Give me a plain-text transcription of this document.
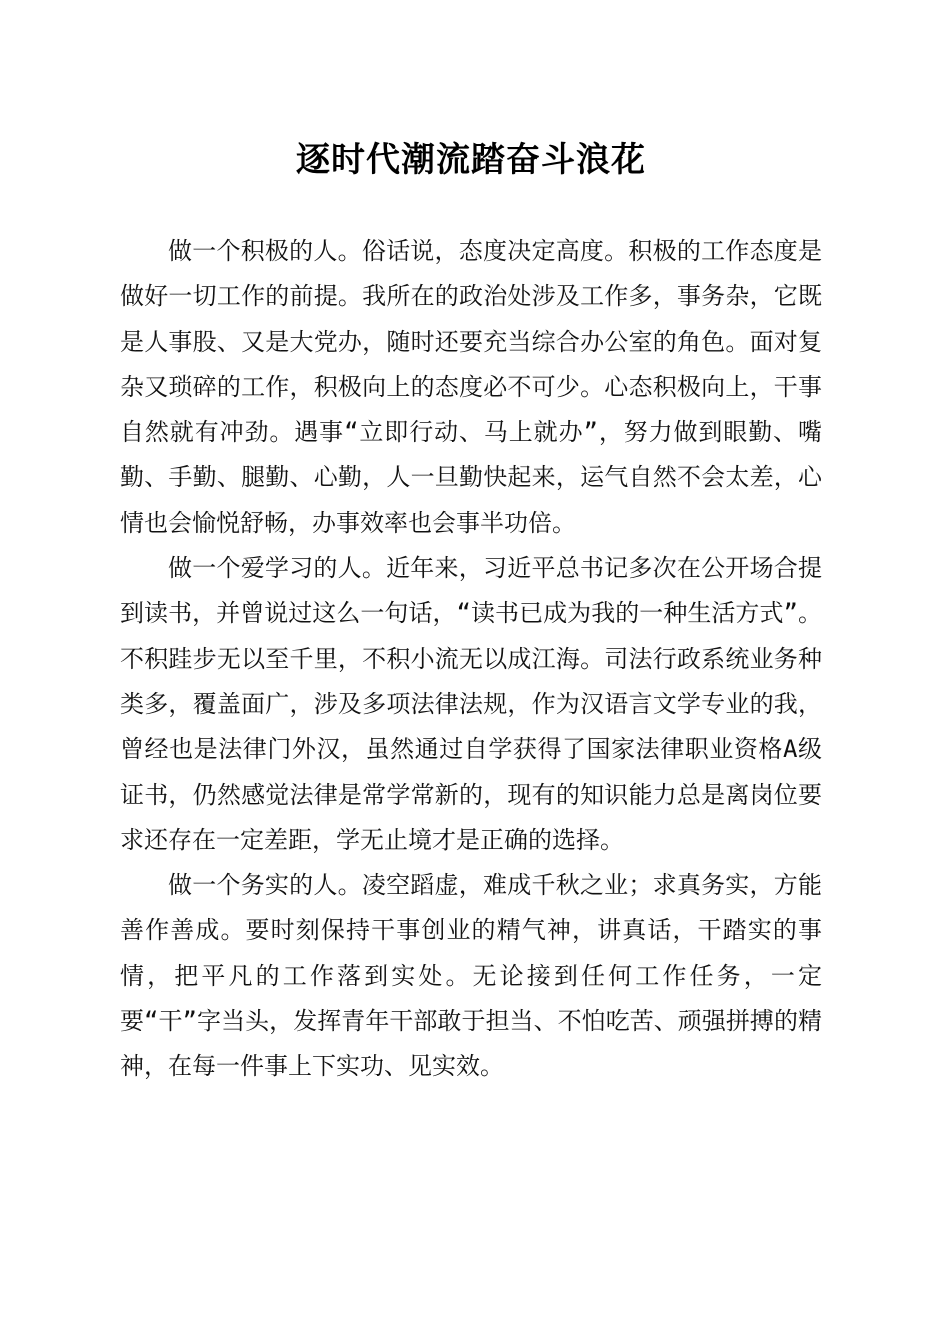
逐时代潮流踏奋斗浪花

做一个积极的人。俗话说，态度决定高度。积极的工作态度是做好一切工作的前提。我所在的政治处涉及工作多，事务杂，它既是人事股、又是大党办，随时还要充当综合办公室的角色。面对复杂又琐碎的工作，积极向上的态度必不可少。心态积极向上，干事自然就有冲劲。遇事“立即行动、马上就办”，努力做到眼勤、嘴勤、手勤、腿勤、心勤，人一旦勤快起来，运气自然不会太差，心情也会愉悦舒畅，办事效率也会事半功倍。

做一个爱学习的人。近年来，习近平总书记多次在公开场合提到读书，并曾说过这么一句话，“读书已成为我的一种生活方式”。不积跬步无以至千里，不积小流无以成江海。司法行政系统业务种类多，覆盖面广，涉及多项法律法规，作为汉语言文学专业的我，曾经也是法律门外汉，虽然通过自学获得了国家法律职业资格A级证书，仍然感觉法律是常学常新的，现有的知识能力总是离岗位要求还存在一定差距，学无止境才是正确的选择。

做一个务实的人。凌空蹈虚，难成千秋之业；求真务实，方能善作善成。要时刻保持干事创业的精气神，讲真话，干踏实的事情，把平凡的工作落到实处。无论接到任何工作任务，一定要“干”字当头，发挥青年干部敢于担当、不怕吃苦、顽强拼搏的精神，在每一件事上下实功、见实效。
